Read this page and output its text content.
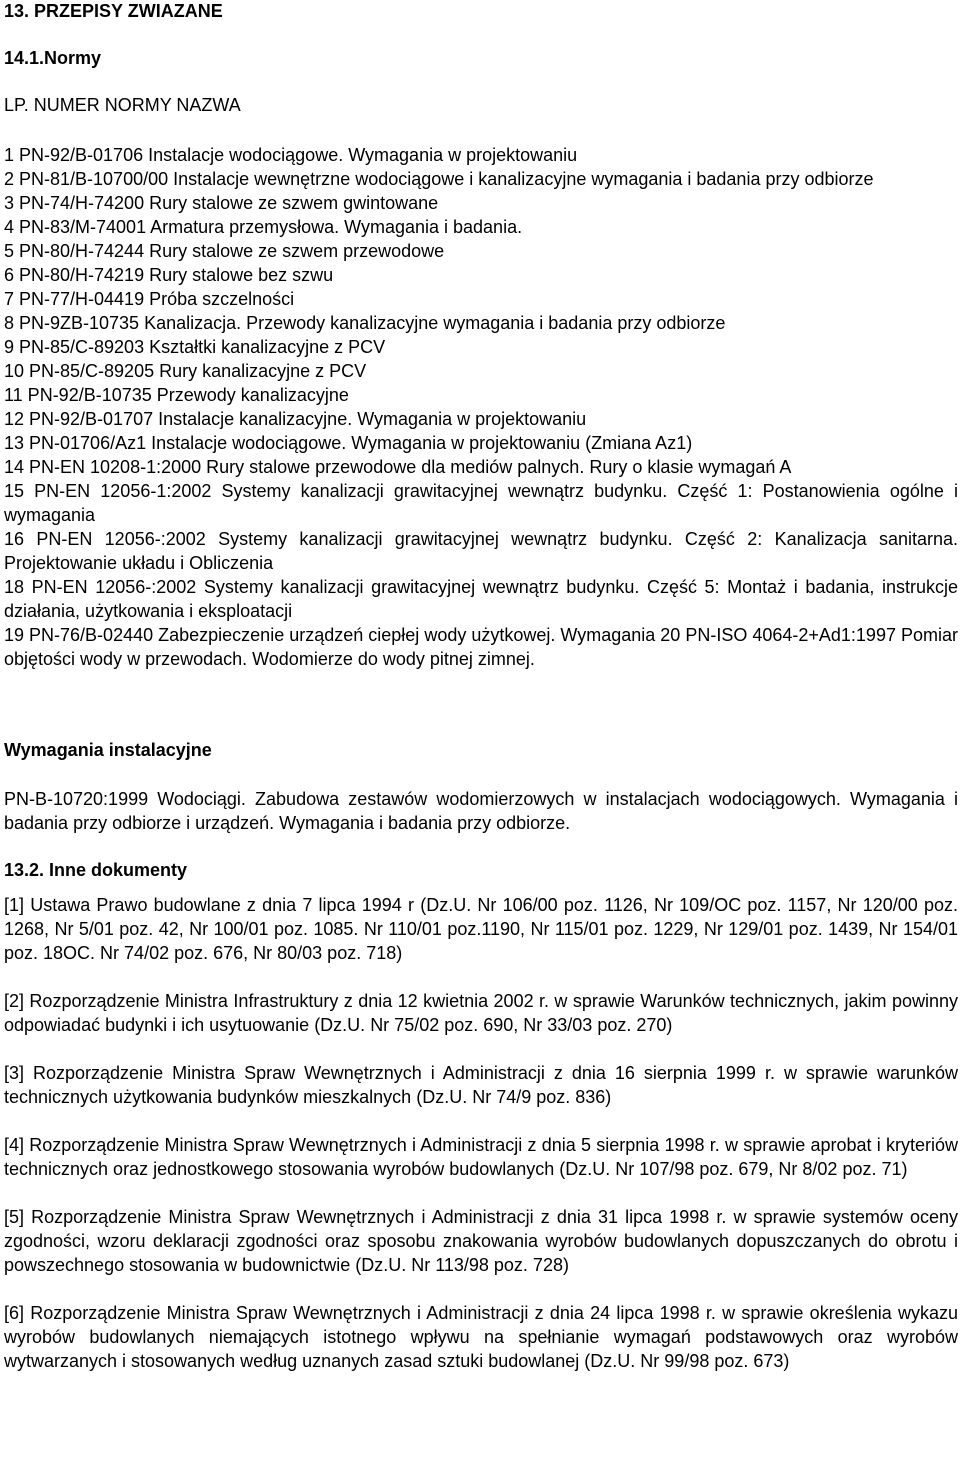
13. PRZEPISY ZWIAZANE

14.1.Normy

LP. NUMER NORMY NAZWA

1 PN-92/B-01706 Instalacje wodociągowe. Wymagania w projektowaniu

2 PN-81/B-10700/00 Instalacje wewnętrzne wodociągowe i kanalizacyjne wymagania i badania przy odbiorze

3 PN-74/H-74200 Rury stalowe ze szwem gwintowane

4 PN-83/M-74001 Armatura przemysłowa. Wymagania i badania.

5 PN-80/H-74244 Rury stalowe ze szwem przewodowe

6 PN-80/H-74219 Rury stalowe bez szwu

7 PN-77/H-04419 Próba szczelności

8 PN-9ZB-10735 Kanalizacja. Przewody kanalizacyjne wymagania i badania przy odbiorze

9 PN-85/C-89203 Kształtki kanalizacyjne z PCV

10 PN-85/C-89205 Rury kanalizacyjne z PCV

11 PN-92/B-10735 Przewody kanalizacyjne

12 PN-92/B-01707 Instalacje kanalizacyjne. Wymagania w projektowaniu

13 PN-01706/Az1 Instalacje wodociągowe. Wymagania w projektowaniu (Zmiana Az1)

14 PN-EN 10208-1:2000 Rury stalowe przewodowe dla mediów palnych. Rury o klasie wymagań A

15 PN-EN 12056-1:2002 Systemy kanalizacji grawitacyjnej wewnątrz budynku. Część 1: Postanowienia ogólne i wymagania

16 PN-EN 12056-:2002 Systemy kanalizacji grawitacyjnej wewnątrz budynku. Część 2: Kanalizacja sanitarna. Projektowanie układu i Obliczenia

18 PN-EN 12056-:2002 Systemy kanalizacji grawitacyjnej wewnątrz budynku. Część 5: Montaż i badania, instrukcje działania, użytkowania i eksploatacji

19 PN-76/B-02440 Zabezpieczenie urządzeń ciepłej wody użytkowej. Wymagania 20 PN-ISO 4064-2+Ad1:1997 Pomiar objętości wody w przewodach. Wodomierze do wody pitnej zimnej.

Wymagania instalacyjne

PN-B-10720:1999 Wodociągi. Zabudowa zestawów wodomierzowych w instalacjach wodociągowych. Wymagania i badania przy odbiorze i urządzeń. Wymagania i badania przy odbiorze.

13.2. Inne dokumenty

[1] Ustawa Prawo budowlane z dnia 7 lipca 1994 r (Dz.U. Nr 106/00 poz. 1126, Nr 109/OC poz. 1157, Nr 120/00 poz. 1268, Nr 5/01 poz. 42, Nr 100/01 poz. 1085. Nr 110/01 poz.1190, Nr 115/01 poz. 1229, Nr 129/01 poz. 1439, Nr 154/01 poz. 18OC. Nr 74/02 poz. 676, Nr 80/03 poz. 718)

[2] Rozporządzenie Ministra Infrastruktury z dnia 12 kwietnia 2002 r. w sprawie Warunków technicznych, jakim powinny odpowiadać budynki i ich usytuowanie (Dz.U. Nr 75/02 poz. 690, Nr 33/03 poz. 270)

[3] Rozporządzenie Ministra Spraw Wewnętrznych i Administracji z dnia 16 sierpnia 1999 r. w sprawie warunków technicznych użytkowania budynków mieszkalnych (Dz.U. Nr 74/9 poz. 836)

[4] Rozporządzenie Ministra Spraw Wewnętrznych i Administracji z dnia 5 sierpnia 1998 r. w sprawie aprobat i kryteriów technicznych oraz jednostkowego stosowania wyrobów budowlanych (Dz.U. Nr 107/98 poz. 679, Nr 8/02 poz. 71)

[5] Rozporządzenie Ministra Spraw Wewnętrznych i Administracji z dnia 31 lipca 1998 r. w sprawie systemów oceny zgodności, wzoru deklaracji zgodności oraz sposobu znakowania wyrobów budowlanych dopuszczanych do obrotu i powszechnego stosowania w budownictwie (Dz.U. Nr 113/98 poz. 728)

[6] Rozporządzenie Ministra Spraw Wewnętrznych i Administracji z dnia 24 lipca 1998 r. w sprawie określenia wykazu wyrobów budowlanych niemających istotnego wpływu na spełnianie wymagań podstawowych oraz wyrobów wytwarzanych i stosowanych według uznanych zasad sztuki budowlanej (Dz.U. Nr 99/98 poz. 673)
